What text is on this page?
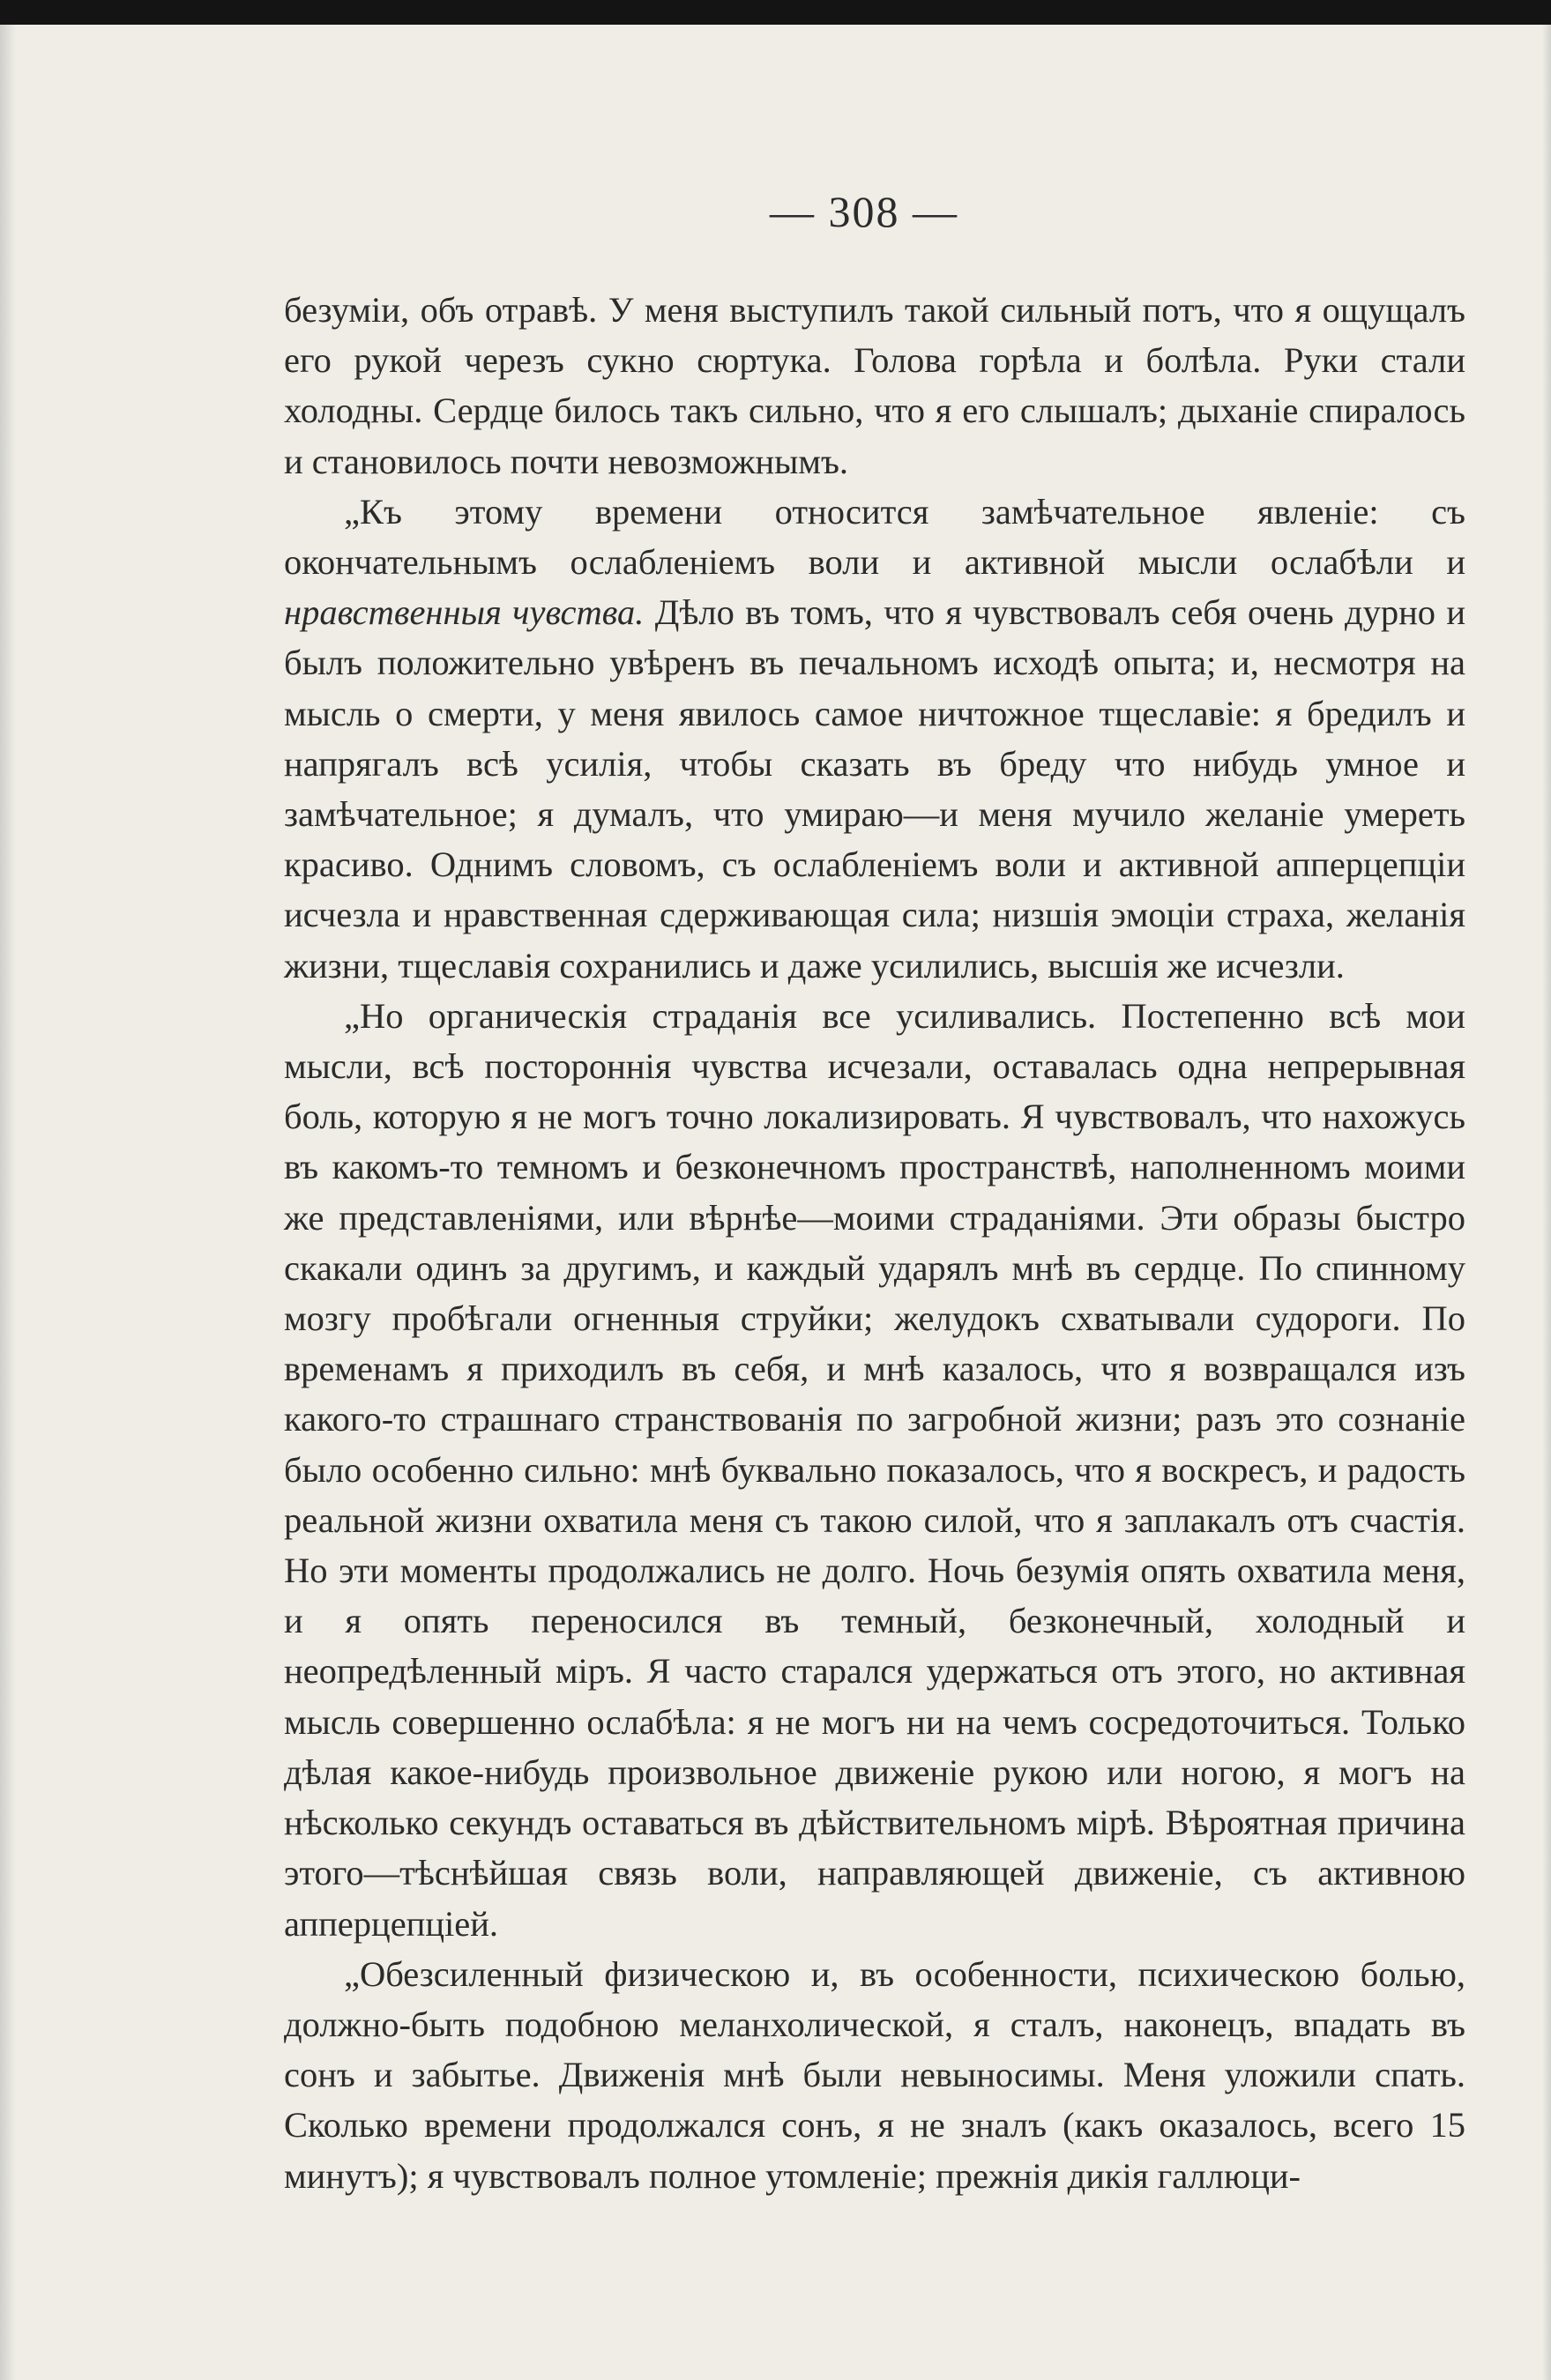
— 308 —

безумiи, объ отравѣ. У меня выступилъ такой сильный потъ, что я ощущалъ его рукой черезъ сукно сюртука. Голова горѣла и болѣла. Руки стали холодны. Сердце билось такъ сильно, что я его слышалъ; дыханiе спиралось и становилось почти невозможнымъ.

„Къ этому времени относится замѣчательное явленiе: съ окончательнымъ ослабленiемъ воли и активной мысли ослабѣли и нравственныя чувства. Дѣло въ томъ, что я чувствовалъ себя очень дурно и былъ положительно увѣренъ въ печальномъ исходѣ опыта; и, несмотря на мысль о смерти, у меня явилось самое ничтожное тщеславiе: я бредилъ и напрягалъ всѣ усилiя, чтобы сказать въ бреду что нибудь умное и замѣчательное; я думалъ, что умираю—и меня мучило желанiе умереть красиво. Однимъ словомъ, съ ослабленiемъ воли и активной апперцепцiи исчезла и нравственная сдерживающая сила; низшiя эмоцiи страха, желанiя жизни, тщеславiя сохранились и даже усилились, высшiя же исчезли.

„Но органическiя страданiя все усиливались. Постепенно всѣ мои мысли, всѣ постороннiя чувства исчезали, оставалась одна непрерывная боль, которую я не могъ точно локализировать. Я чувствовалъ, что нахожусь въ какомъ-то темномъ и безконечномъ пространствѣ, наполненномъ моими же представленiями, или вѣрнѣе—моими страданiями. Эти образы быстро скакали одинъ за другимъ, и каждый ударялъ мнѣ въ сердце. По спинному мозгу пробѣгали огненныя струйки; желудокъ схватывали судороги. По временамъ я приходилъ въ себя, и мнѣ казалось, что я возвращался изъ какого-то страшнаго странствованiя по загробной жизни; разъ это сознанiе было особенно сильно: мнѣ буквально показалось, что я воскресъ, и радость реальной жизни охватила меня съ такою силой, что я заплакалъ отъ счастiя. Но эти моменты продолжались не долго. Ночь безумiя опять охватила меня, и я опять переносился въ темный, безконечный, холодный и неопредѣленный мiръ. Я часто старался удержаться отъ этого, но активная мысль совершенно ослабѣла: я не могъ ни на чемъ сосредоточиться. Только дѣлая какое-нибудь произвольное движенiе рукою или ногою, я могъ на нѣсколько секундъ оставаться въ дѣйствительномъ мiрѣ. Вѣроятная причина этого—тѣснѣйшая связь воли, направляющей движенiе, съ активною апперцепцiей.

„Обезсиленный физическою и, въ особенности, психическою болью, должно-быть подобною меланхолической, я сталъ, наконецъ, впадать въ сонъ и забытье. Движенiя мнѣ были невыносимы. Меня уложили спать. Сколько времени продолжался сонъ, я не зналъ (какъ оказалось, всего 15 минутъ); я чувствовалъ полное утомленiе; прежнiя дикiя галлюци-
